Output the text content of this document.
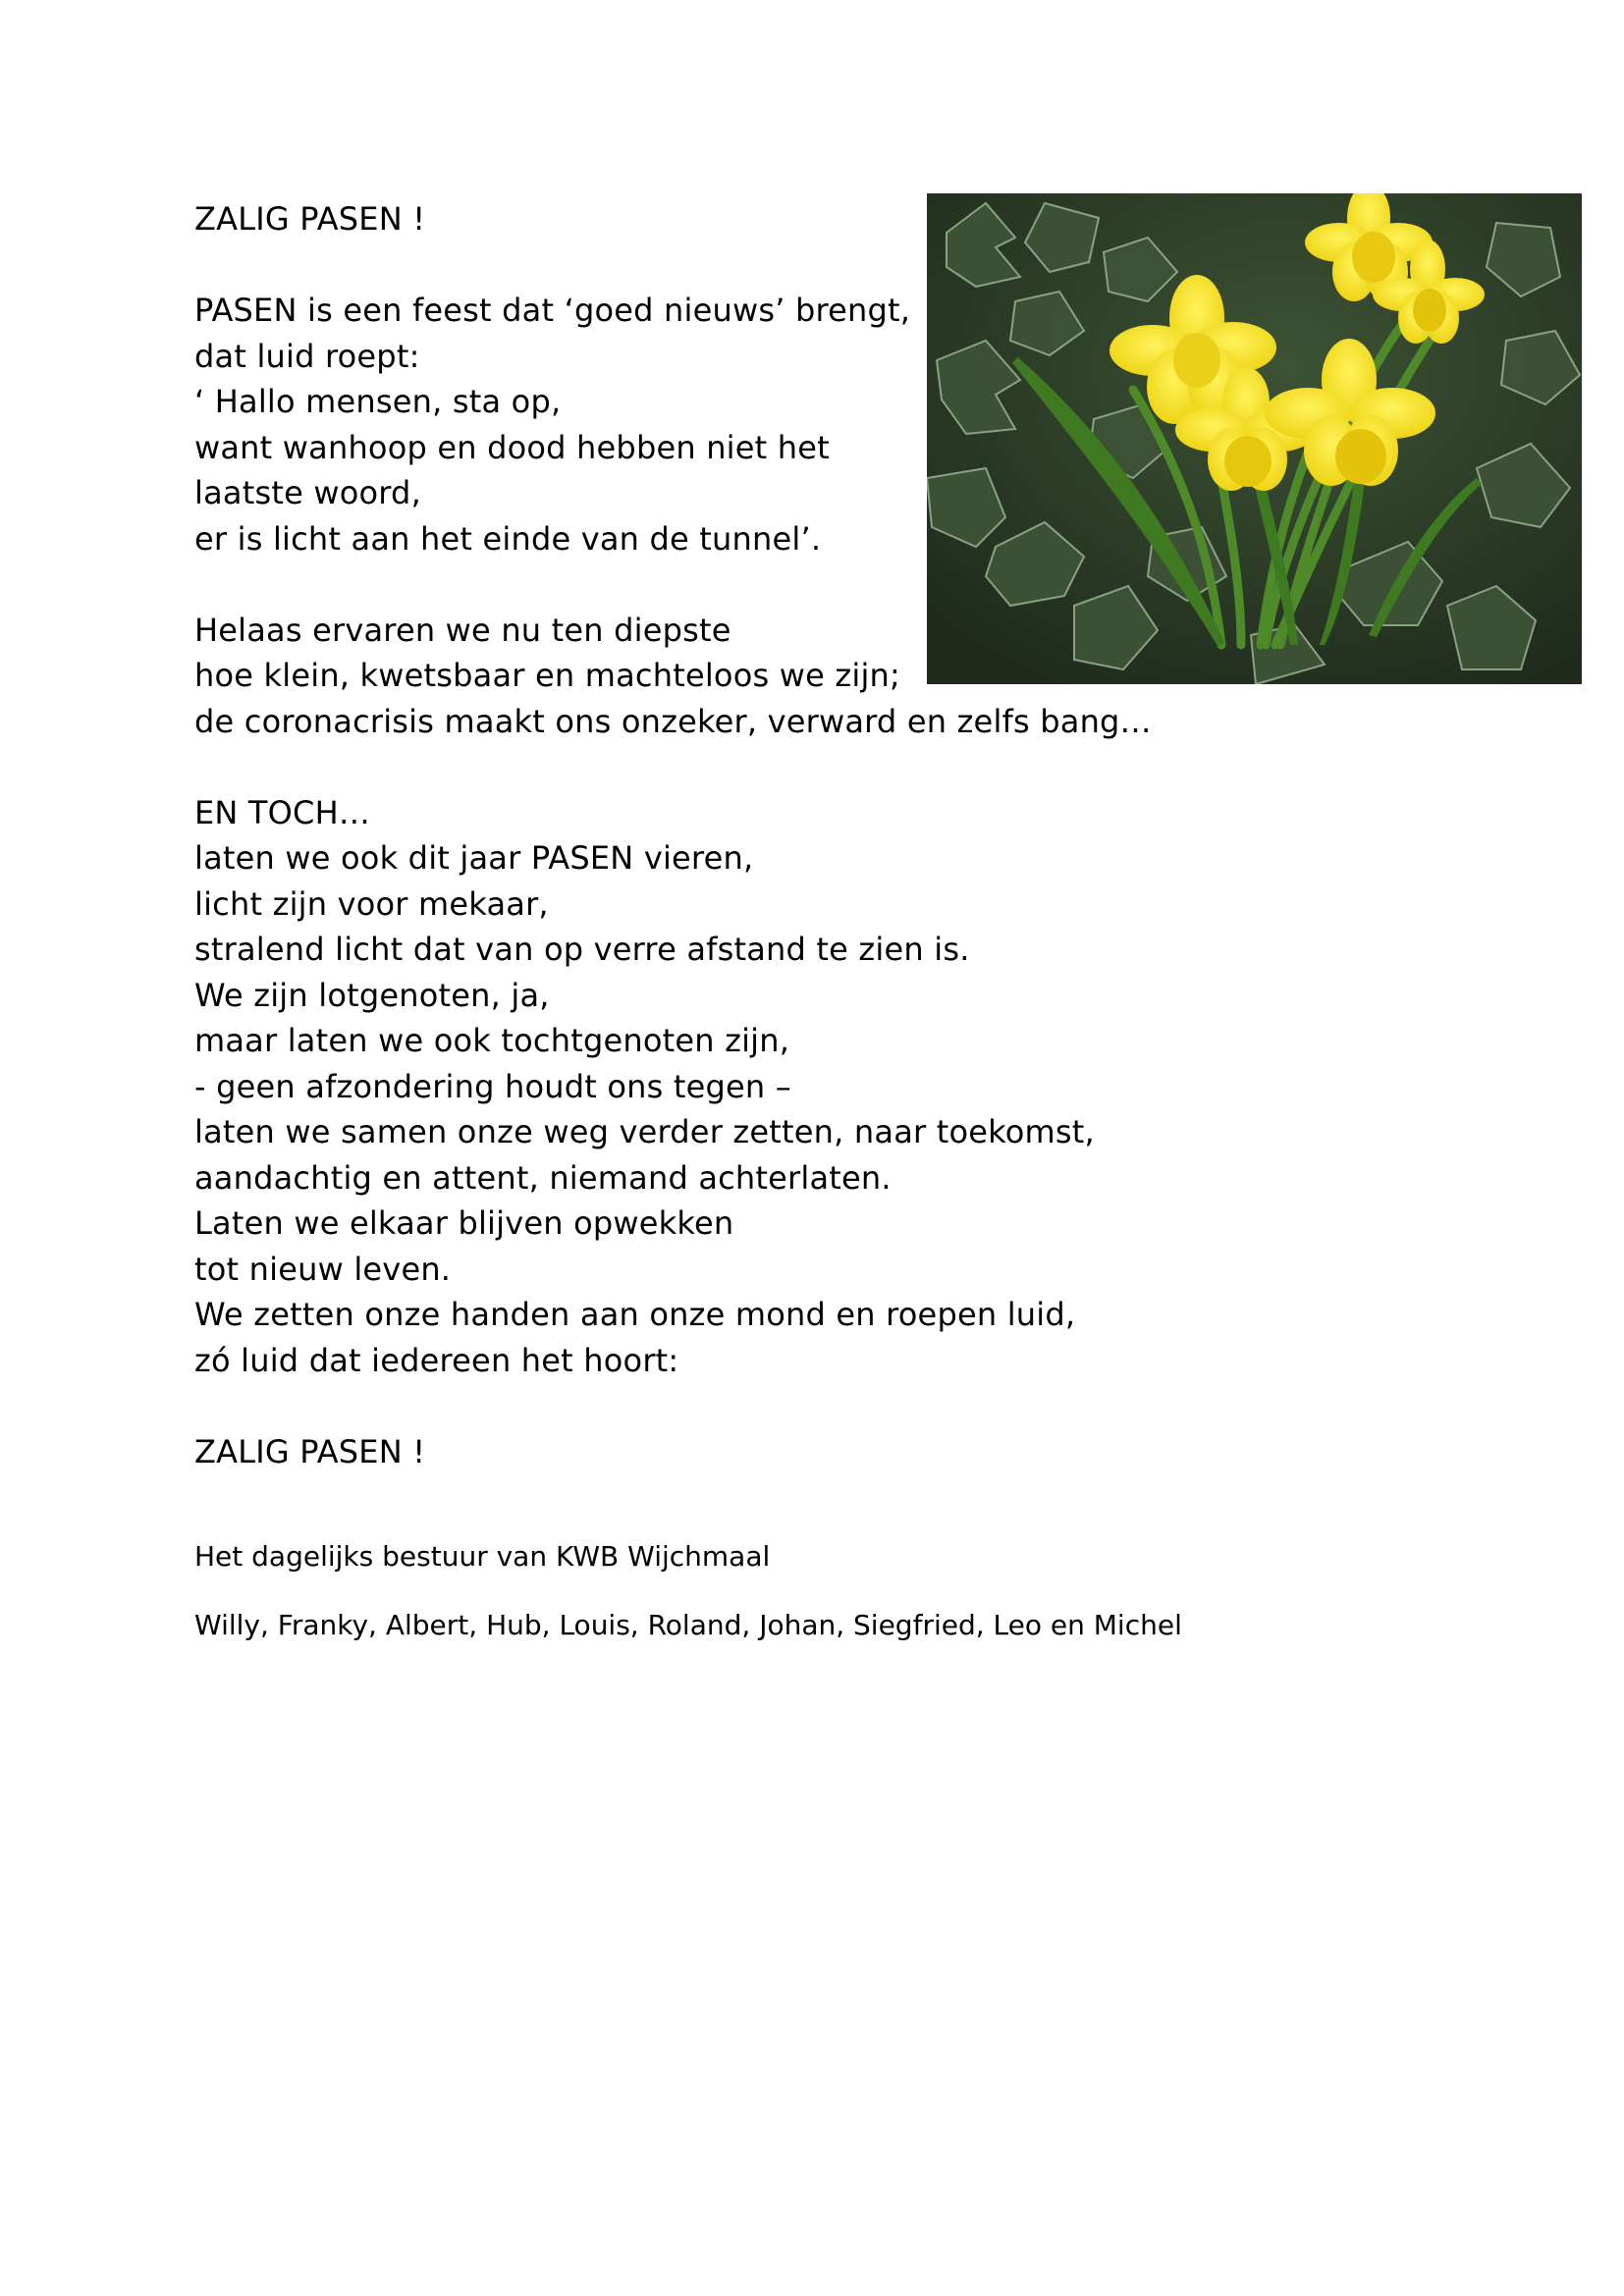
ZALIG PASEN !
PASEN is een feest dat ‘goed nieuws’ brengt,
dat luid roept:
‘ Hallo mensen, sta op,
want wanhoop en dood hebben niet het
laatste woord,
er is licht aan het einde van de tunnel’.
Helaas ervaren we nu ten diepste
hoe klein, kwetsbaar en machteloos we zijn;
de coronacrisis maakt ons onzeker, verward en zelfs bang…
EN TOCH…
laten we ook dit jaar PASEN vieren,
licht zijn voor mekaar,
stralend licht dat van op verre afstand te zien is.
We zijn lotgenoten, ja,
maar laten we ook tochtgenoten zijn,
- geen afzondering houdt ons tegen –
laten we samen onze weg verder zetten, naar toekomst,
aandachtig en attent, niemand achterlaten.
Laten we elkaar blijven opwekken
tot nieuw leven.
We zetten onze handen aan onze mond en roepen luid,
zó luid dat iedereen het hoort:
ZALIG PASEN !
Het dagelijks bestuur van KWB Wijchmaal
Willy, Franky, Albert, Hub, Louis, Roland, Johan, Siegfried, Leo en Michel
